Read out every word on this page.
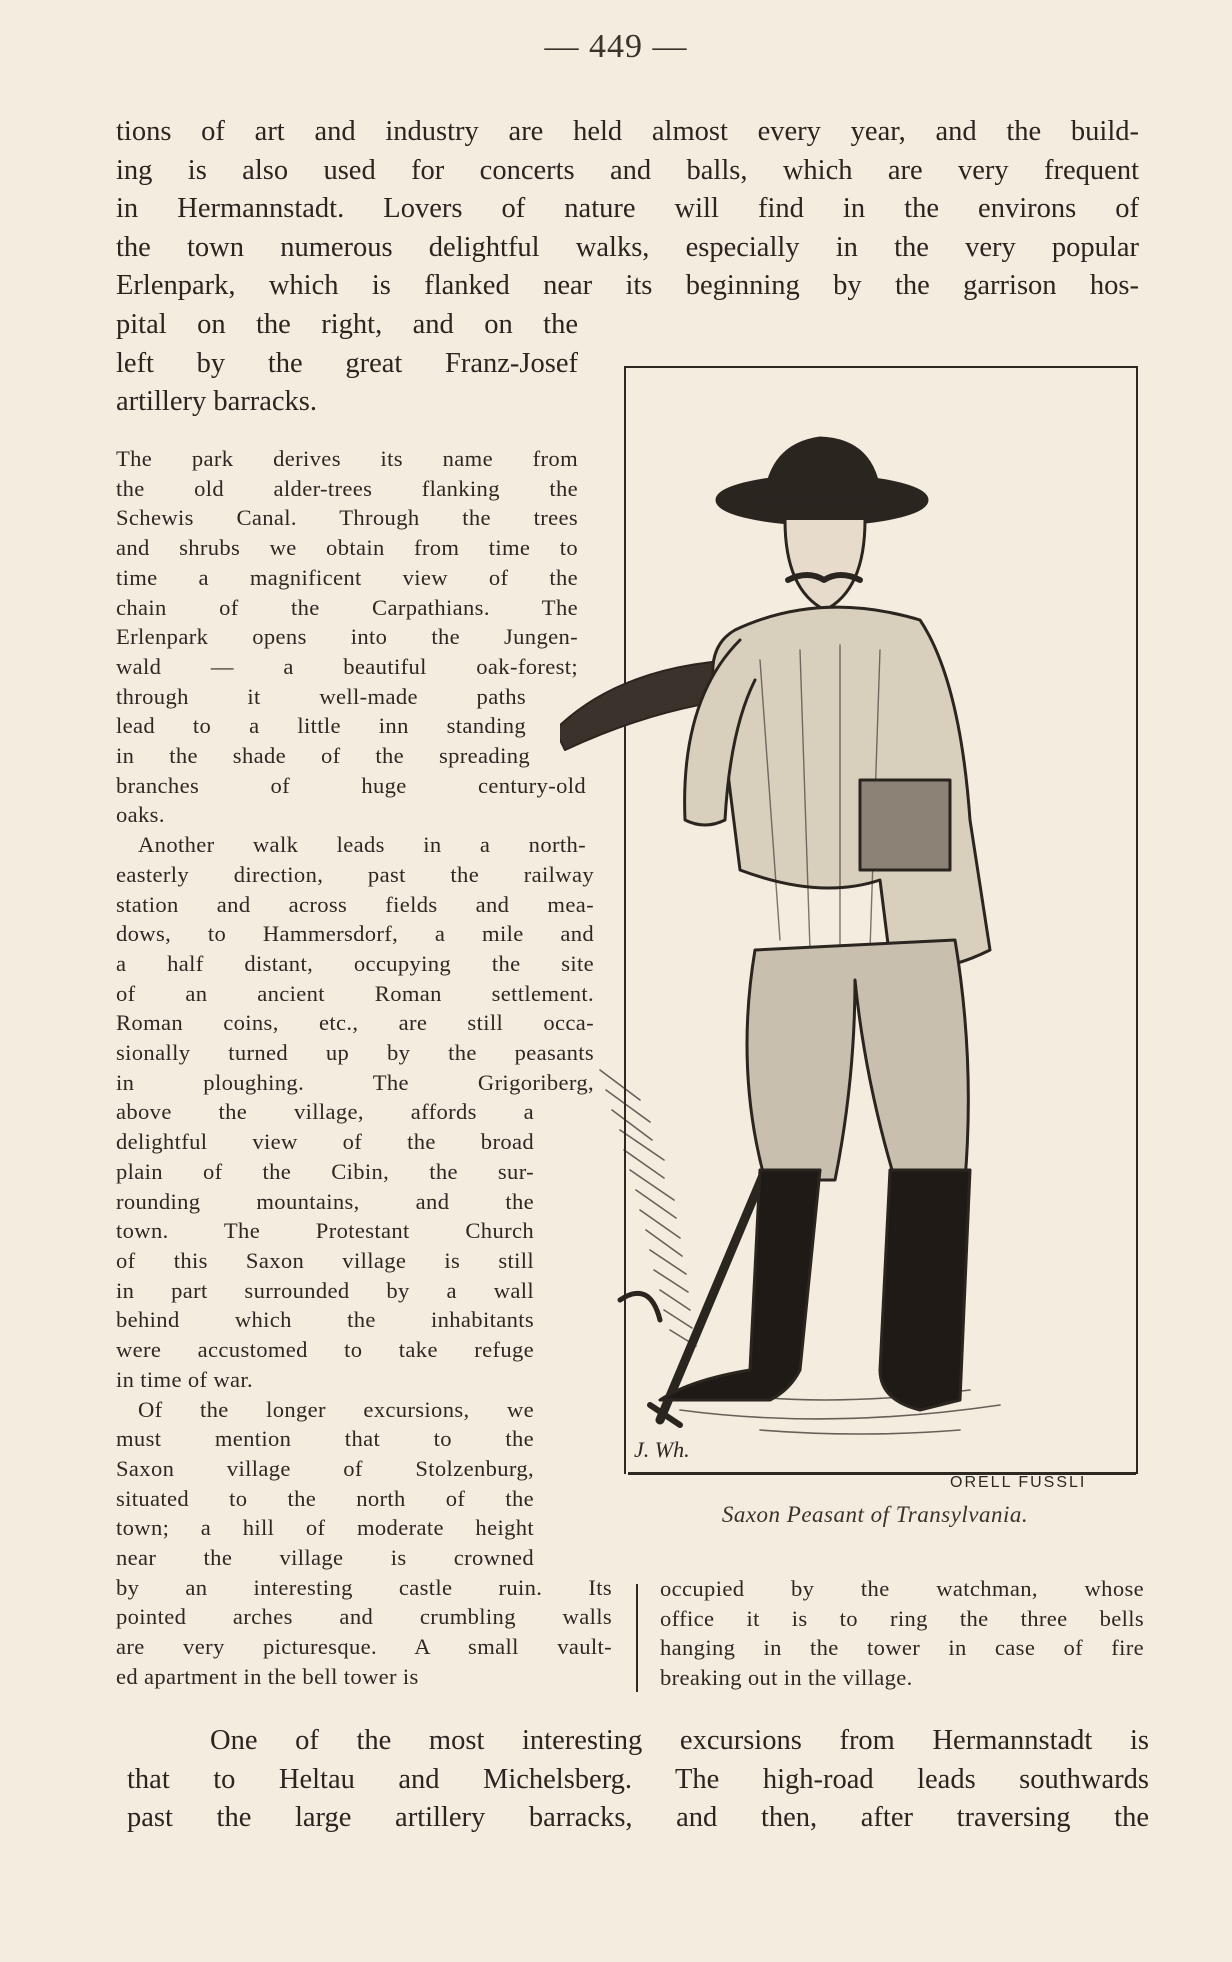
— 449 —
tions of art and industry are held almost every year, and the build-
ing is also used for concerts and balls, which are very frequent
in Hermannstadt. Lovers of nature will find in the environs of
the town numerous delightful walks, especially in the very popular
Erlenpark, which is flanked near its beginning by the garrison hos-
pital on the right, and on the
left by the great Franz-Josef
artillery barracks.
The park derives its name from
the old alder-trees flanking the
Schewis Canal. Through the trees
and shrubs we obtain from time to
time a magnificent view of the
chain of the Carpathians. The
Erlenpark opens into the Jungen-
wald — a beautiful oak-forest;
through it well-made paths
lead to a little inn standing
in the shade of the spreading
branches of huge century-old
oaks.
Another walk leads in a north-
easterly direction, past the railway
station and across fields and mea-
dows, to Hammersdorf, a mile and
a half distant, occupying the site
of an ancient Roman settlement.
Roman coins, etc., are still occa-
sionally turned up by the peasants
in ploughing. The Grigoriberg,
above the village, affords a
delightful view of the broad
plain of the Cibin, the sur-
rounding mountains, and the
town. The Protestant Church
of this Saxon village is still
in part surrounded by a wall
behind which the inhabitants
were accustomed to take refuge
in time of war.
Of the longer excursions, we
must mention that to the
Saxon village of Stolzenburg,
situated to the north of the
town; a hill of moderate height
near the village is crowned
by an interesting castle ruin. Its
pointed arches and crumbling walls
are very picturesque. A small vault-
ed apartment in the bell tower is
occupied by the watchman, whose
office it is to ring the three bells
hanging in the tower in case of fire
breaking out in the village.
J. Wh.
ORELL FÜSSLI
Saxon Peasant of Transylvania.
One of the most interesting excursions from Hermannstadt is
that to Heltau and Michelsberg. The high-road leads southwards
past the large artillery barracks, and then, after traversing the
